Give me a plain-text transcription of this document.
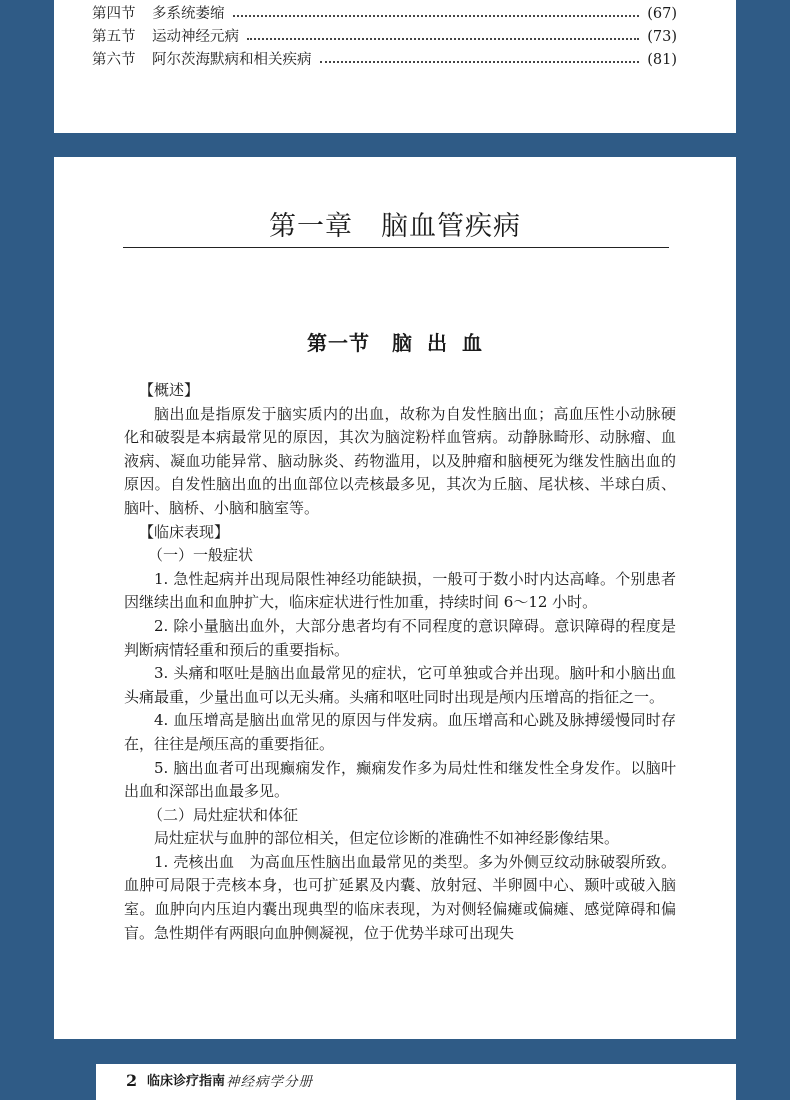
第四节	多系统萎缩	(67)
第五节	运动神经元病	(73)
第六节	阿尔茨海默病和相关疾病	(81)
第一章　脑血管疾病
第一节 脑 出 血

【概述】

脑出血是指原发于脑实质内的出血，故称为自发性脑出血；高血压性小动脉硬化和破裂是本病最常见的原因，其次为脑淀粉样血管病。动静脉畸形、动脉瘤、血液病、凝血功能异常、脑动脉炎、药物滥用，以及肿瘤和脑梗死为继发性脑出血的原因。自发性脑出血的出血部位以壳核最多见，其次为丘脑、尾状核、半球白质、脑叶、脑桥、小脑和脑室等。

【临床表现】

（一）一般症状

1. 急性起病并出现局限性神经功能缺损，一般可于数小时内达高峰。个别患者因继续出血和血肿扩大，临床症状进行性加重，持续时间 6～12 小时。

2. 除小量脑出血外，大部分患者均有不同程度的意识障碍。意识障碍的程度是判断病情轻重和预后的重要指标。

3. 头痛和呕吐是脑出血最常见的症状，它可单独或合并出现。脑叶和小脑出血头痛最重，少量出血可以无头痛。头痛和呕吐同时出现是颅内压增高的指征之一。

4. 血压增高是脑出血常见的原因与伴发病。血压增高和心跳及脉搏缓慢同时存在，往往是颅压高的重要指征。

5. 脑出血者可出现癫痫发作，癫痫发作多为局灶性和继发性全身发作。以脑叶出血和深部出血最多见。

（二）局灶症状和体征

局灶症状与血肿的部位相关，但定位诊断的准确性不如神经影像结果。

1. 壳核出血　为高血压性脑出血最常见的类型。多为外侧豆纹动脉破裂所致。血肿可局限于壳核本身，也可扩延累及内囊、放射冠、半卵圆中心、颞叶或破入脑室。血肿向内压迫内囊出现典型的临床表现，为对侧轻偏瘫或偏瘫、感觉障碍和偏盲。急性期伴有两眼向血肿侧凝视，位于优势半球可出现失

2 临床诊疗指南 神经病学分册
